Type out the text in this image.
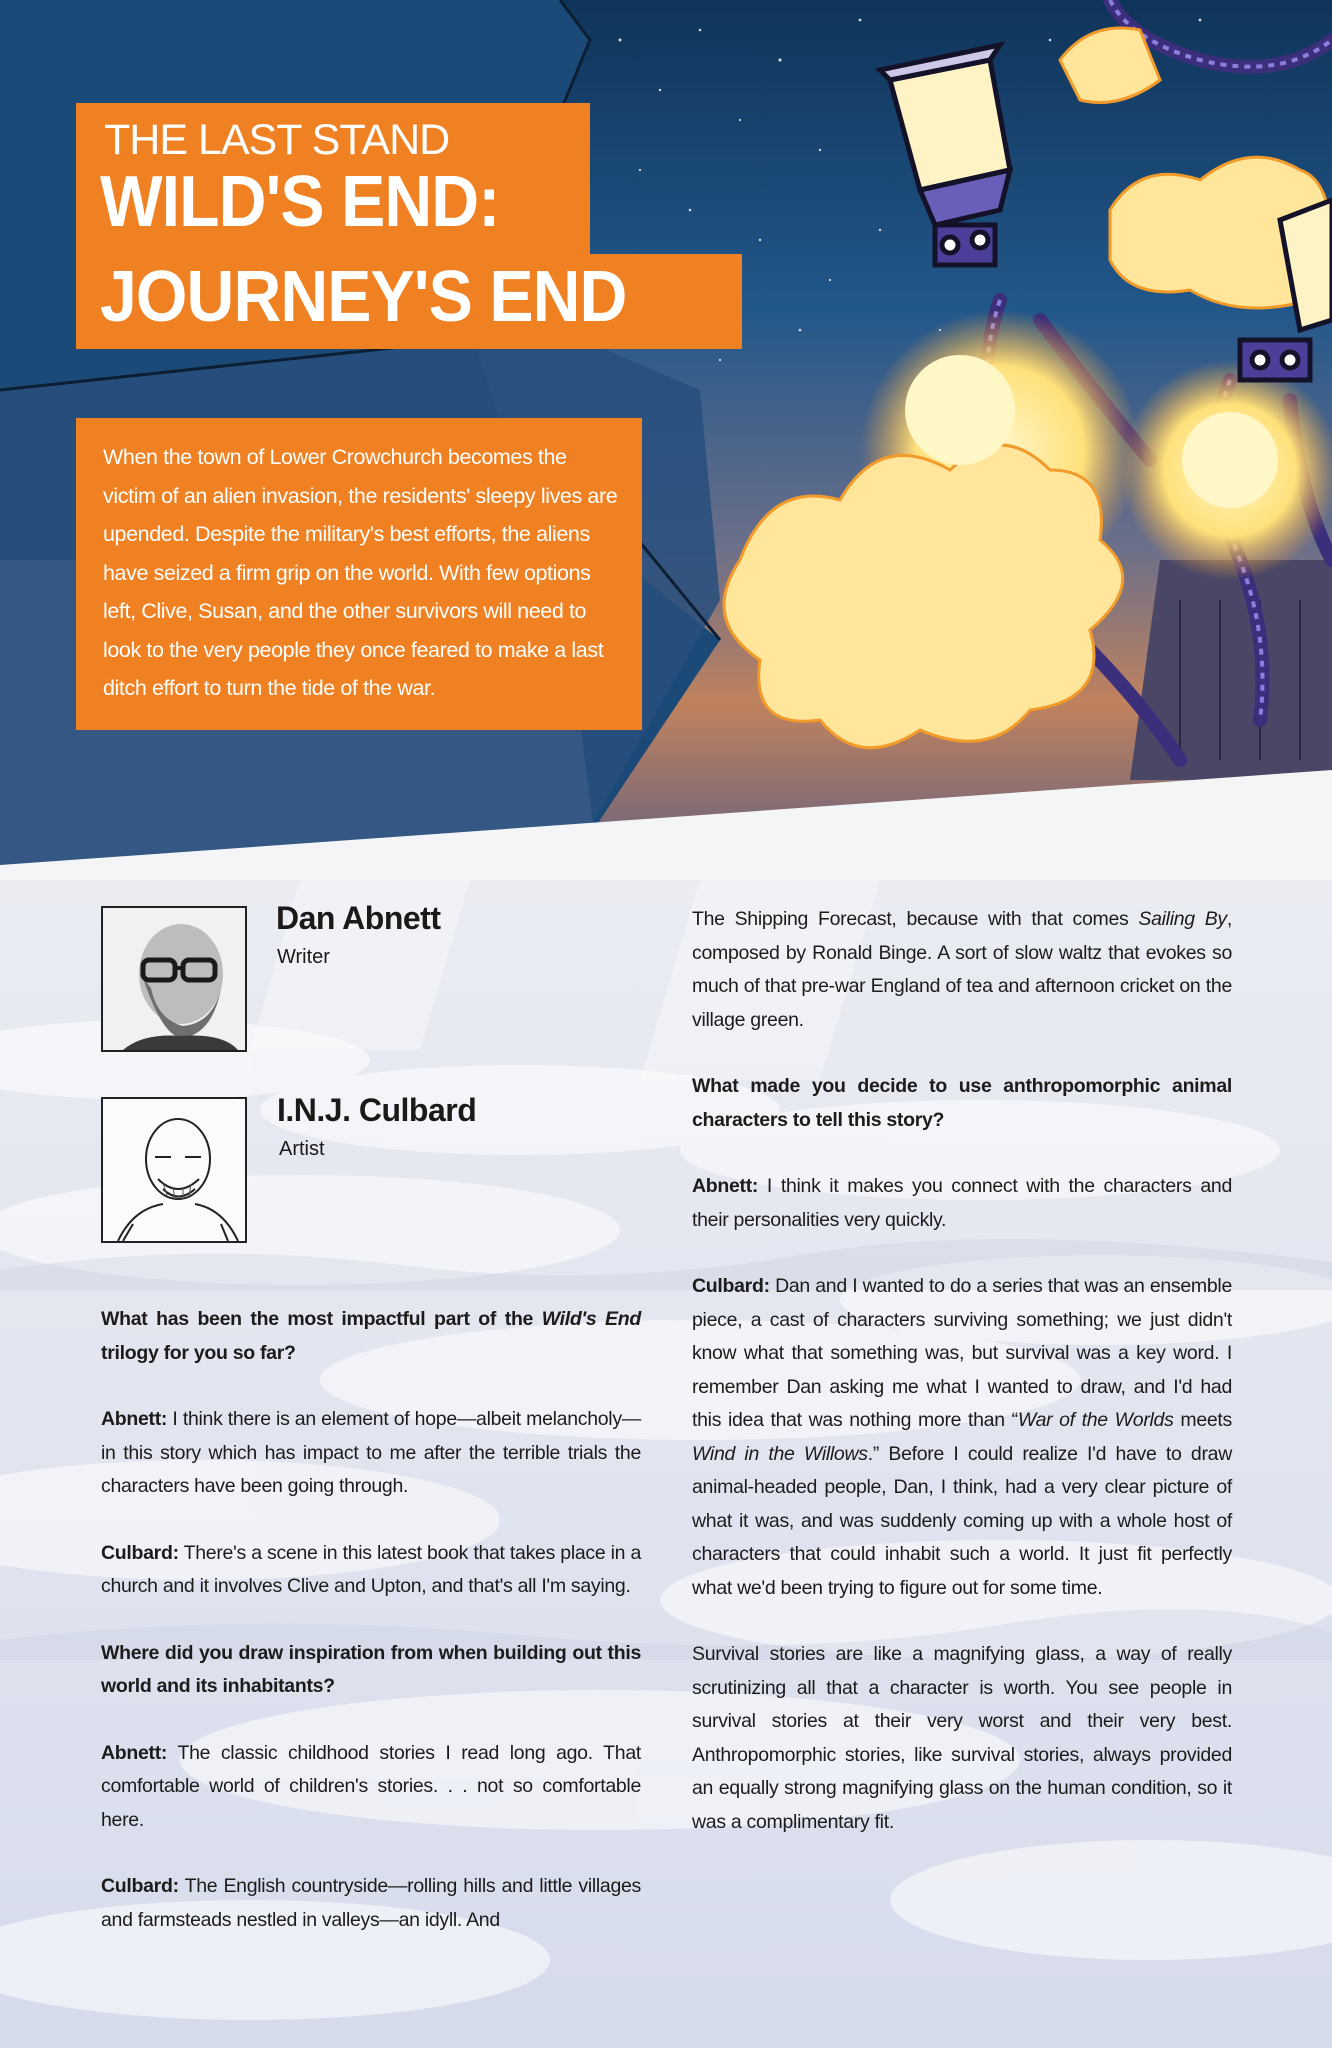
THE LAST STAND
WILD'S END:
JOURNEY'S END
When the town of Lower Crowchurch becomes the victim of an alien invasion, the residents' sleepy lives are upended. Despite the military's best efforts, the aliens have seized a firm grip on the world. With few options left, Clive, Susan, and the other survivors will need to look to the very people they once feared to make a last ditch effort to turn the tide of the war.
Dan Abnett
Writer
I.N.J. Culbard
Artist

What has been the most impactful part of the Wild's End trilogy for you so far?

Abnett: I think there is an element of hope—albeit melancholy—in this story which has impact to me after the terrible trials the characters have been going through.

Culbard: There's a scene in this latest book that takes place in a church and it involves Clive and Upton, and that's all I'm saying.

Where did you draw inspiration from when building out this world and its inhabitants?

Abnett: The classic childhood stories I read long ago. That comfortable world of children's stories. . . not so comfortable here.

Culbard: The English countryside—rolling hills and little villages and farmsteads nestled in valleys—an idyll. And

The Shipping Forecast, because with that comes Sailing By, composed by Ronald Binge. A sort of slow waltz that evokes so much of that pre-war England of tea and afternoon cricket on the village green.

What made you decide to use anthropomorphic animal characters to tell this story?

Abnett: I think it makes you connect with the characters and their personalities very quickly.

Culbard: Dan and I wanted to do a series that was an ensemble piece, a cast of characters surviving something; we just didn't know what that something was, but survival was a key word. I remember Dan asking me what I wanted to draw, and I'd had this idea that was nothing more than “War of the Worlds meets Wind in the Willows.” Before I could realize I'd have to draw animal-headed people, Dan, I think, had a very clear picture of what it was, and was suddenly coming up with a whole host of characters that could inhabit such a world. It just fit perfectly what we'd been trying to figure out for some time.

Survival stories are like a magnifying glass, a way of really scrutinizing all that a character is worth. You see people in survival stories at their very worst and their very best. Anthropomorphic stories, like survival stories, always provided an equally strong magnifying glass on the human condition, so it was a complimentary fit.
